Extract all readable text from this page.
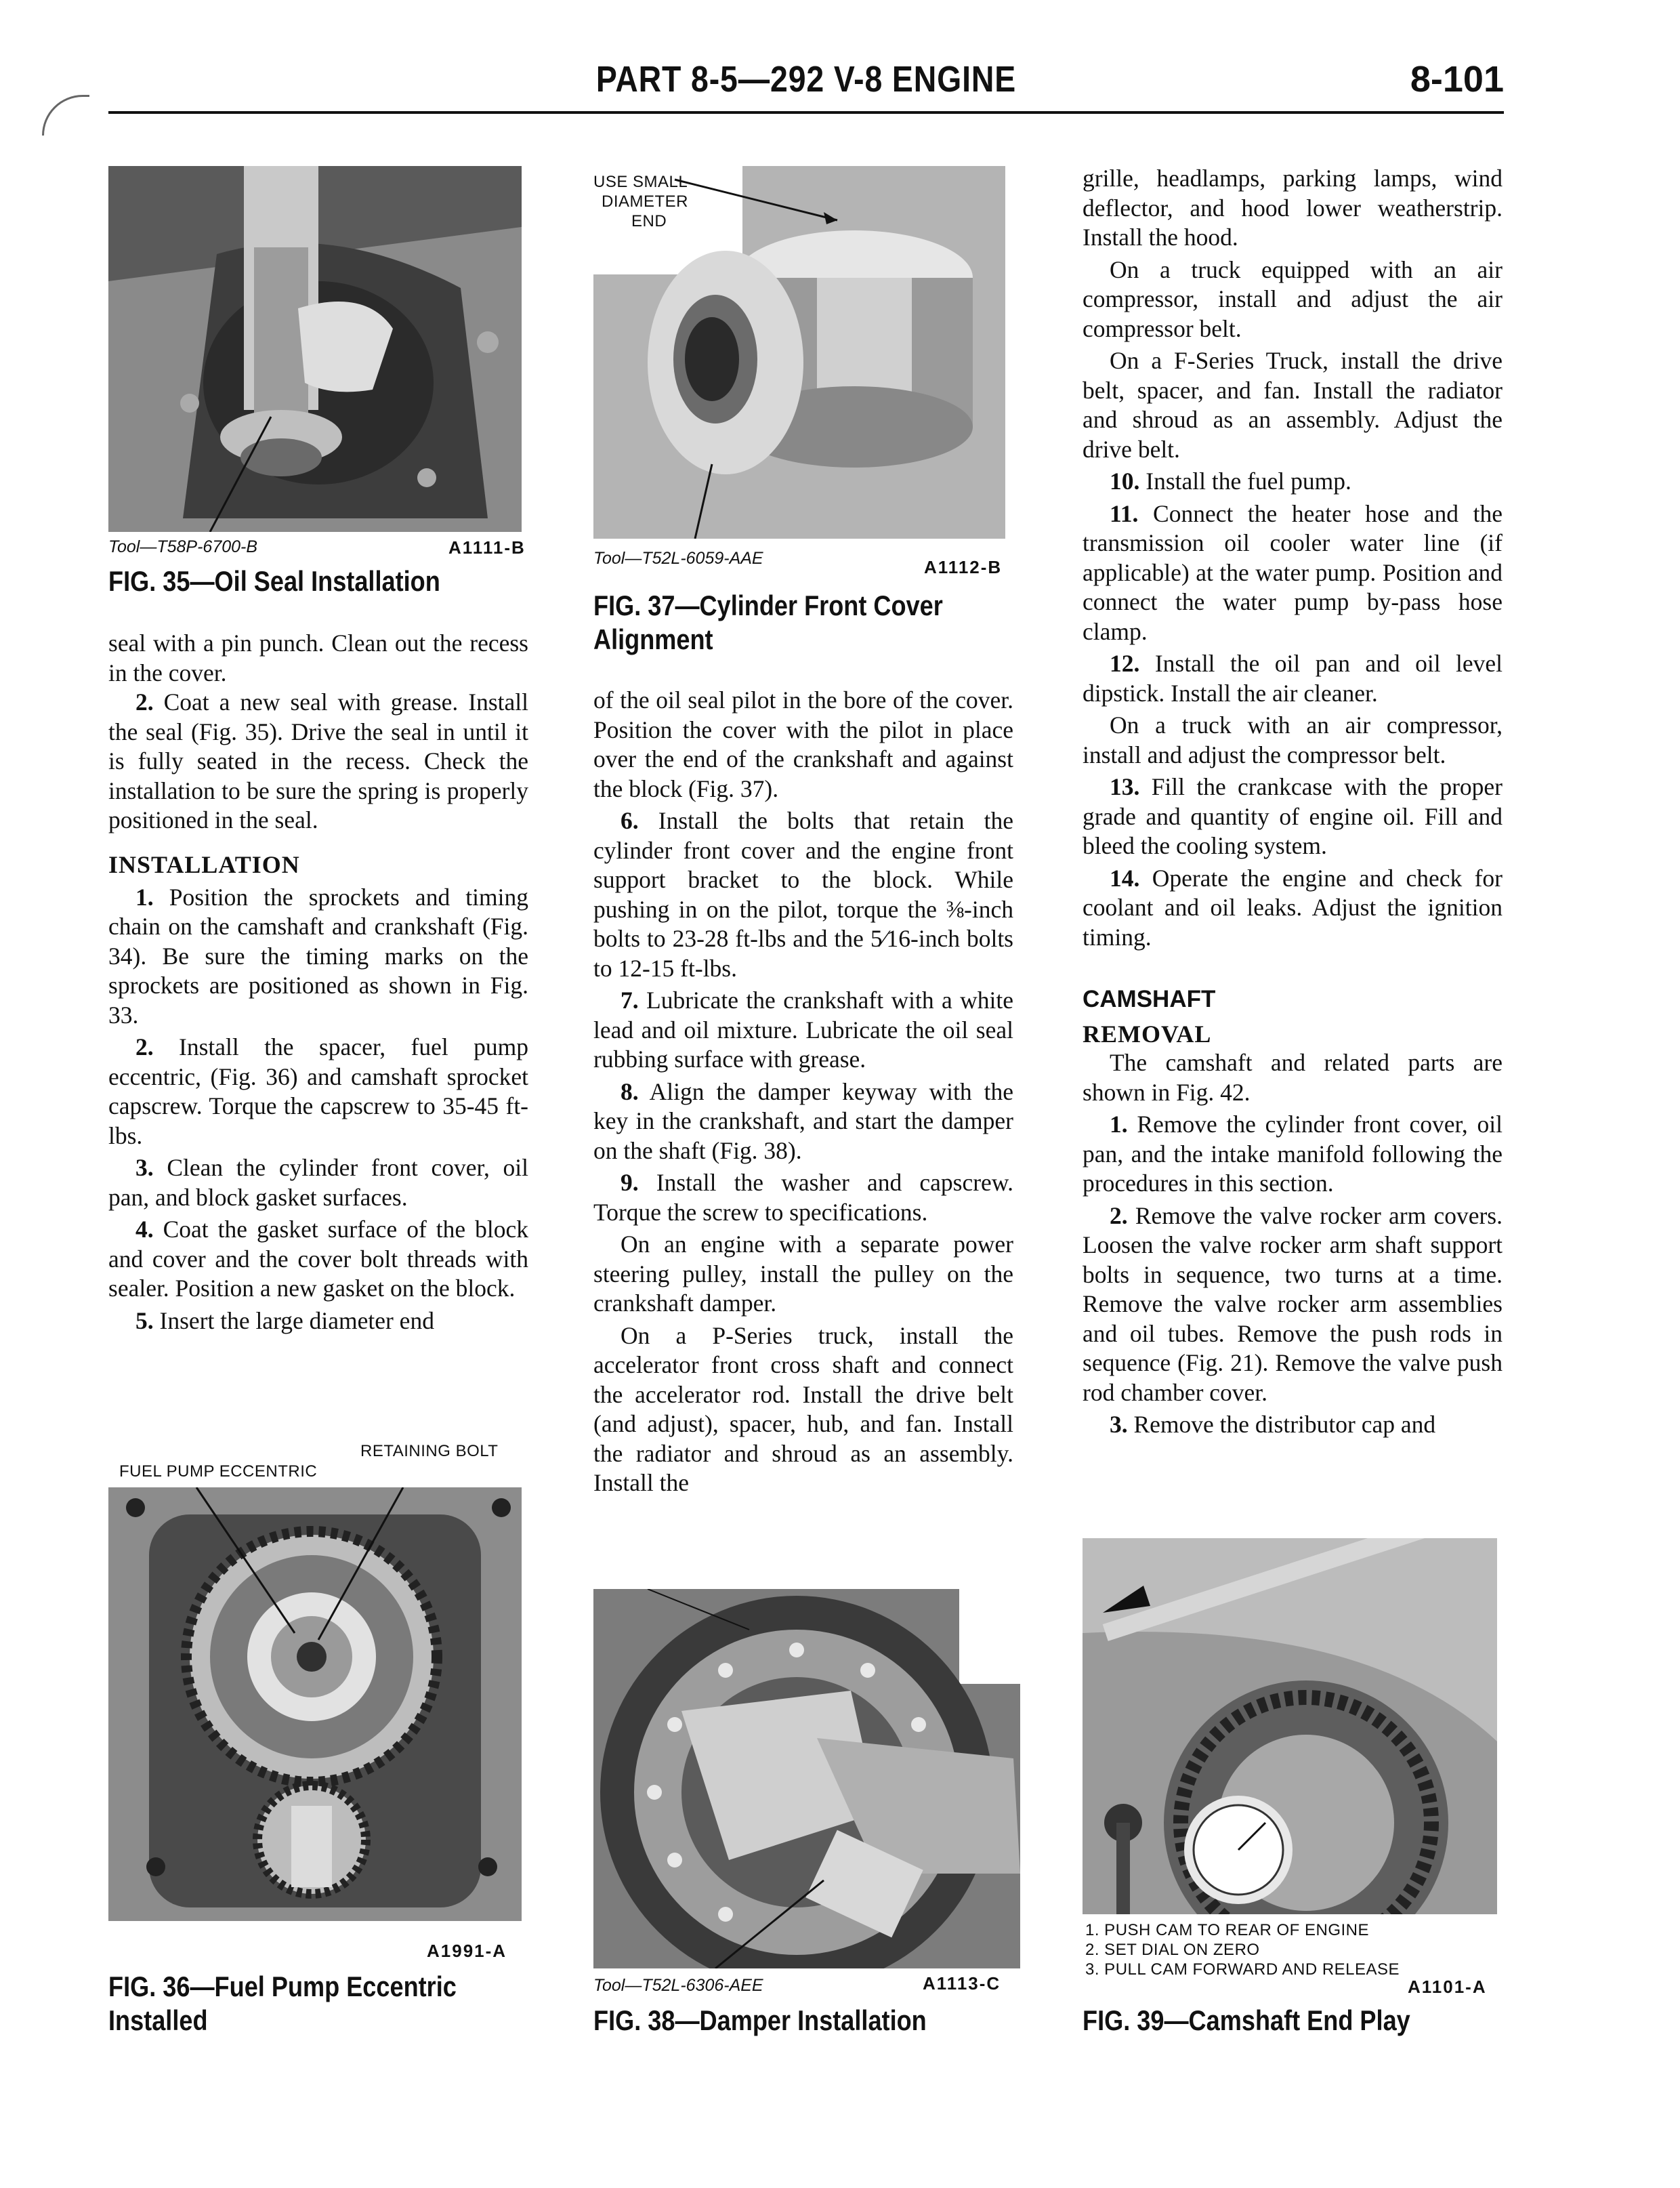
PART 8-5—292 V-8 ENGINE	8-101
Tool—T58P-6700-B	A1111-B
FIG. 35—Oil Seal Installation

seal with a pin punch. Clean out the recess in the cover.

2. Coat a new seal with grease. Install the seal (Fig. 35). Drive the seal in until it is fully seated in the recess. Check the installation to be sure the spring is properly positioned in the seal.

INSTALLATION

1. Position the sprockets and timing chain on the camshaft and crankshaft (Fig. 34). Be sure the timing marks on the sprockets are positioned as shown in Fig. 33.

2. Install the spacer, fuel pump eccentric, (Fig. 36) and camshaft sprocket capscrew. Torque the capscrew to 35-45 ft-lbs.

3. Clean the cylinder front cover, oil pan, and block gasket surfaces.

4. Coat the gasket surface of the block and cover and the cover bolt threads with sealer. Position a new gasket on the block.

5. Insert the large diameter end

RETAINING BOLT
FUEL PUMP ECCENTRIC
A1991-A
FIG. 36—Fuel Pump Eccentric
Installed
USE SMALL
DIAMETER
END
Tool—T52L-6059-AAE	A1112-B
FIG. 37—Cylinder Front Cover
Alignment

of the oil seal pilot in the bore of the cover. Position the cover with the pilot in place over the end of the crankshaft and against the block (Fig. 37).

6. Install the bolts that retain the cylinder front cover and the engine front support bracket to the block. While pushing in on the pilot, torque the ⅜-inch bolts to 23-28 ft-lbs and the 5⁄16-inch bolts to 12-15 ft-lbs.

7. Lubricate the crankshaft with a white lead and oil mixture. Lubricate the oil seal rubbing surface with grease.

8. Align the damper keyway with the key in the crankshaft, and start the damper on the shaft (Fig. 38).

9. Install the washer and capscrew. Torque the screw to specifications.

On an engine with a separate power steering pulley, install the pulley on the crankshaft damper.

On a P-Series truck, install the accelerator front cross shaft and connect the accelerator rod. Install the drive belt (and adjust), spacer, hub, and fan. Install the radiator and shroud as an assembly. Install the

Tool—T52L-6306-AEE	A1113-C
FIG. 38—Damper Installation

grille, headlamps, parking lamps, wind deflector, and hood lower weatherstrip. Install the hood.

On a truck equipped with an air compressor, install and adjust the air compressor belt.

On a F-Series Truck, install the drive belt, spacer, and fan. Install the radiator and shroud as an assembly. Adjust the drive belt.

10. Install the fuel pump.

11. Connect the heater hose and the transmission oil cooler water line (if applicable) at the water pump. Position and connect the water pump by-pass hose clamp.

12. Install the oil pan and oil level dipstick. Install the air cleaner.

On a truck with an air compressor, install and adjust the compressor belt.

13. Fill the crankcase with the proper grade and quantity of engine oil. Fill and bleed the cooling system.

14. Operate the engine and check for coolant and oil leaks. Adjust the ignition timing.

CAMSHAFT
REMOVAL

The camshaft and related parts are shown in Fig. 42.

1. Remove the cylinder front cover, oil pan, and the intake manifold following the procedures in this section.

2. Remove the valve rocker arm covers. Loosen the valve rocker arm shaft support bolts in sequence, two turns at a time. Remove the valve rocker arm assemblies and oil tubes. Remove the push rods in sequence (Fig. 21). Remove the valve push rod chamber cover.

3. Remove the distributor cap and

1. PUSH CAM TO REAR OF ENGINE
2. SET DIAL ON ZERO
3. PULL CAM FORWARD AND RELEASE
A1101-A
FIG. 39—Camshaft End Play
